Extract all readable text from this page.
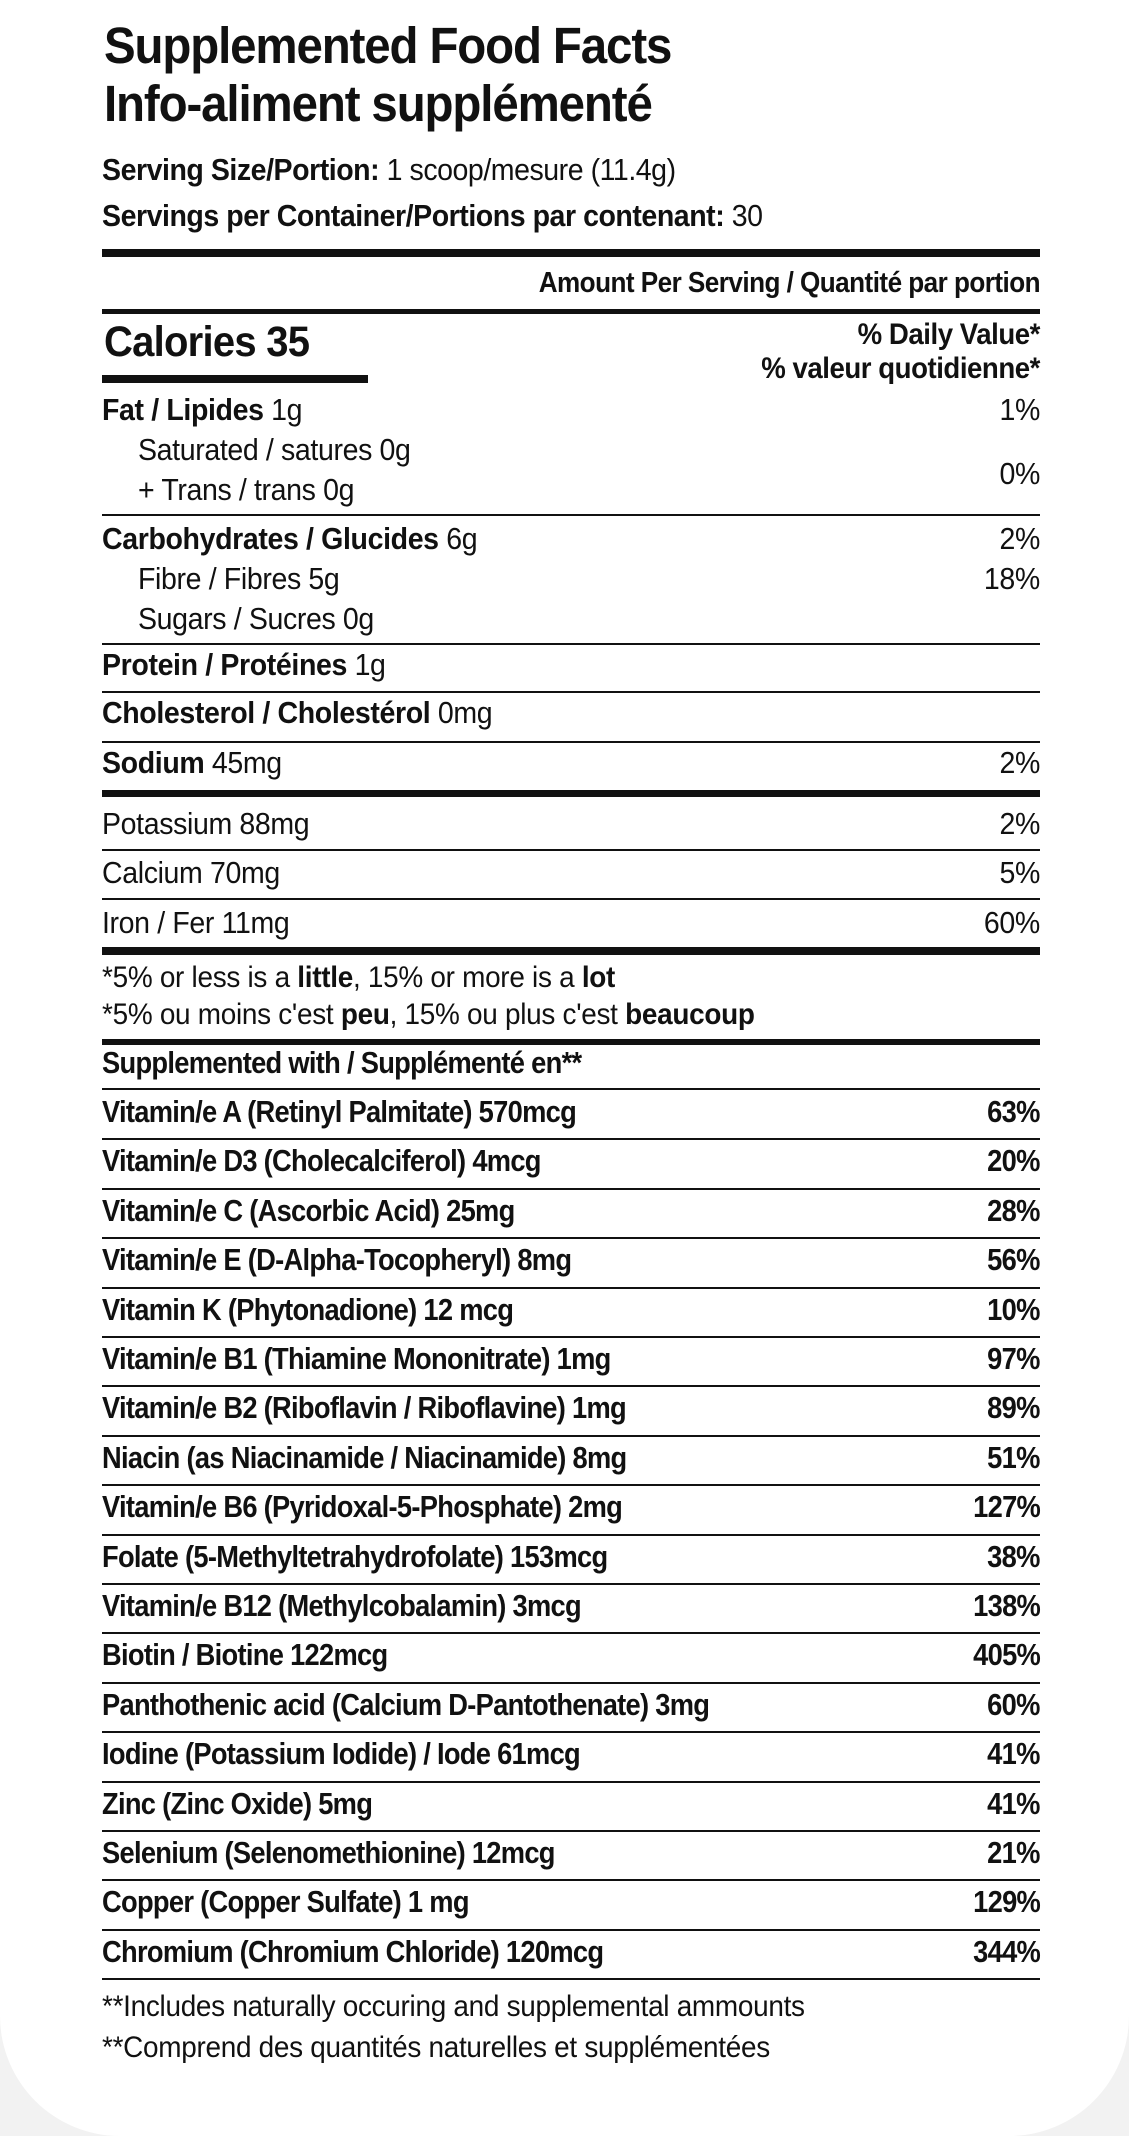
Supplemented Food Facts
Info-aliment supplémenté
Serving Size/Portion: 1 scoop/mesure (11.4g)
Servings per Container/Portions par contenant: 30
Amount Per Serving / Quantité par portion
Calories 35	% Daily Value*
% valeur quotidienne*
Fat / Lipides 1g	1%
Saturated / satures 0g
0%
+ Trans / trans 0g
Carbohydrates / Glucides 6g	2%
Fibre / Fibres 5g	18%
Sugars / Sucres 0g
Protein / Protéines 1g
Cholesterol / Cholestérol 0mg
Sodium 45mg	2%
Potassium 88mg	2%
Calcium 70mg	5%
Iron / Fer 11mg	60%
*5% or less is a little, 15% or more is a lot
*5% ou moins c'est peu, 15% ou plus c'est beaucoup
Supplemented with / Supplémenté en**
Vitamin/e A (Retinyl Palmitate) 570mcg	63%
Vitamin/e D3 (Cholecalciferol) 4mcg	20%
Vitamin/e C (Ascorbic Acid) 25mg	28%
Vitamin/e E (D-Alpha-Tocopheryl) 8mg	56%
Vitamin K (Phytonadione) 12 mcg	10%
Vitamin/e B1 (Thiamine Mononitrate) 1mg	97%
Vitamin/e B2 (Riboflavin / Riboflavine) 1mg	89%
Niacin (as Niacinamide / Niacinamide) 8mg	51%
Vitamin/e B6 (Pyridoxal-5-Phosphate) 2mg	127%
Folate (5-Methyltetrahydrofolate) 153mcg	38%
Vitamin/e B12 (Methylcobalamin) 3mcg	138%
Biotin / Biotine 122mcg	405%
Panthothenic acid (Calcium D-Pantothenate) 3mg	60%
Iodine (Potassium Iodide) / Iode 61mcg	41%
Zinc (Zinc Oxide) 5mg	41%
Selenium (Selenomethionine) 12mcg	21%
Copper (Copper Sulfate) 1 mg	129%
Chromium (Chromium Chloride) 120mcg	344%
**Includes naturally occuring and supplemental ammounts
**Comprend des quantités naturelles et supplémentées
